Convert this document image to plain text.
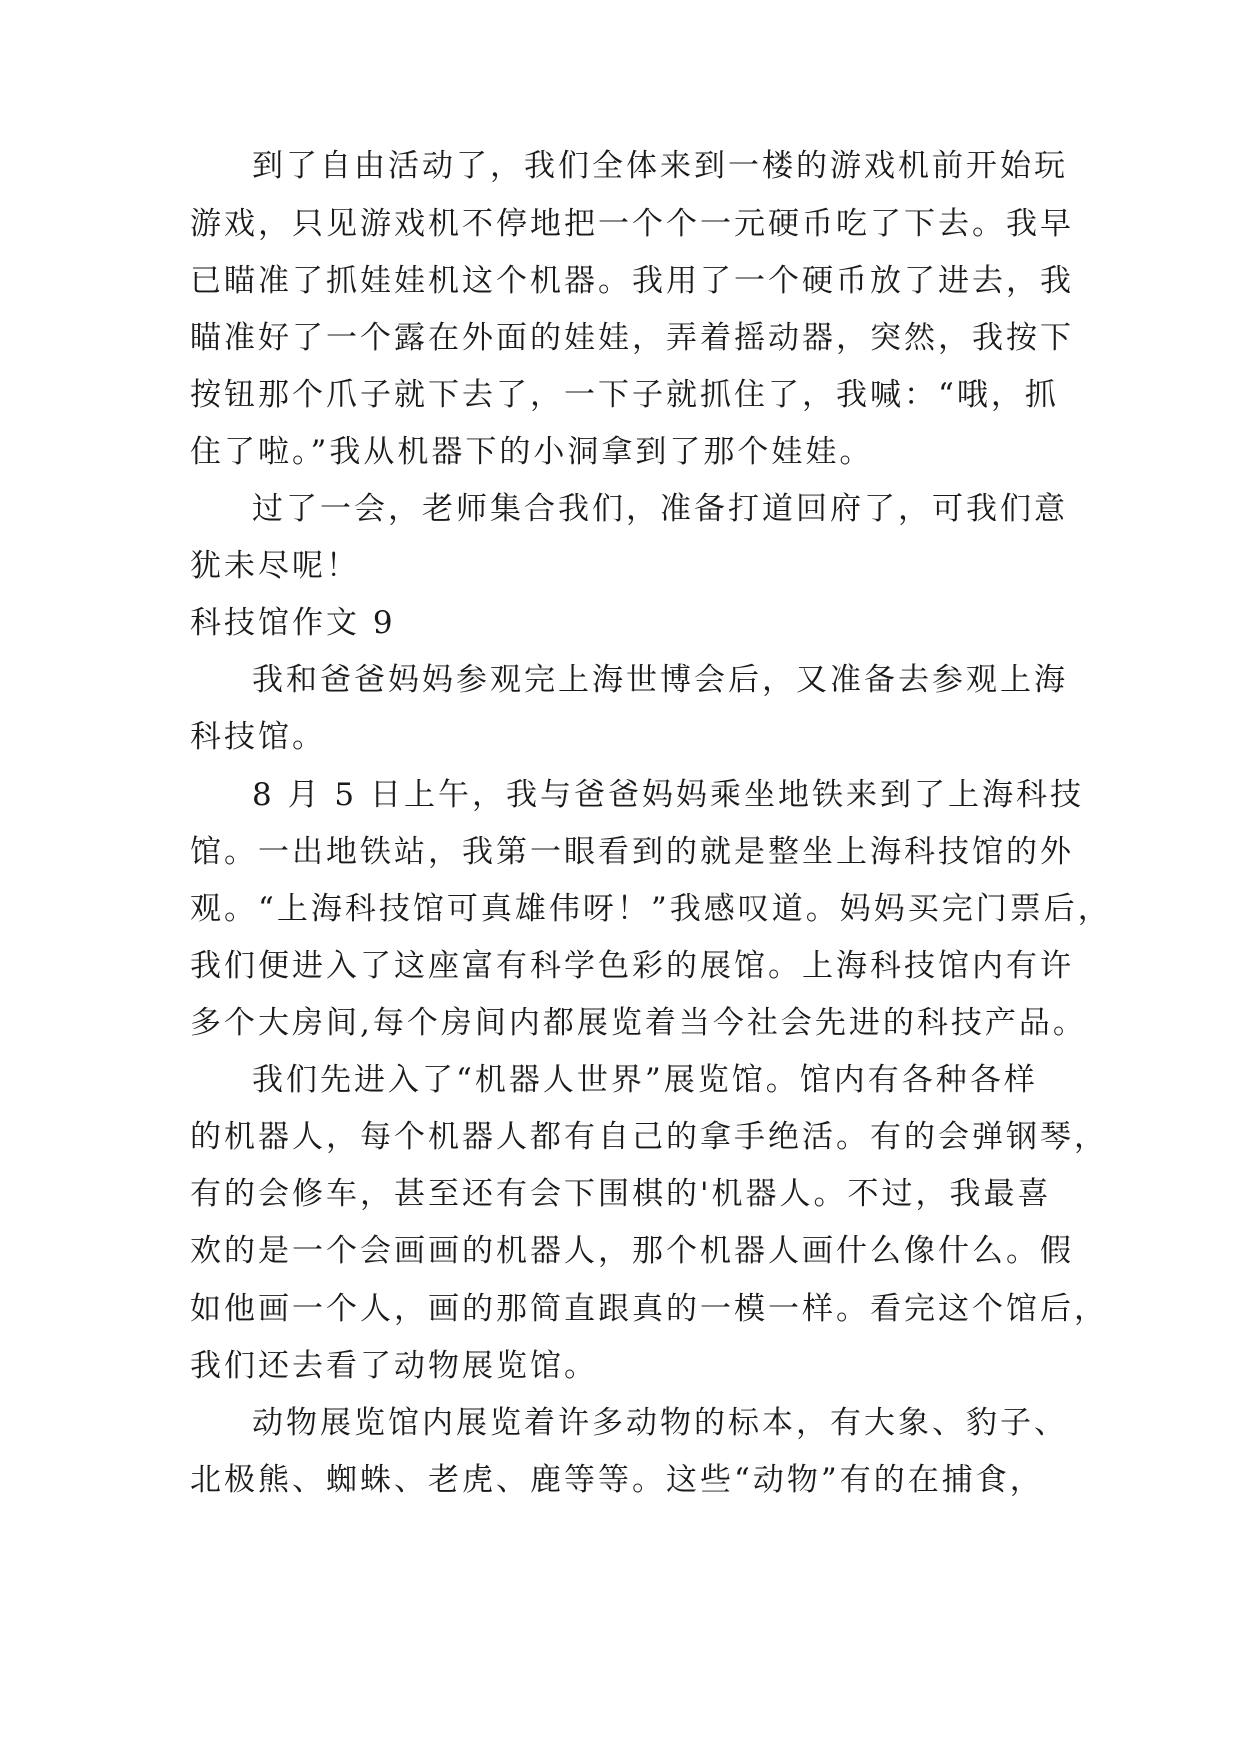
到了自由活动了，我们全体来到一楼的游戏机前开始玩
游戏，只见游戏机不停地把一个个一元硬币吃了下去。我早
已瞄准了抓娃娃机这个机器。我用了一个硬币放了进去，我
瞄准好了一个露在外面的娃娃，弄着摇动器，突然，我按下
按钮那个爪子就下去了，一下子就抓住了，我喊：“哦，抓
住了啦。”我从机器下的小洞拿到了那个娃娃。
过了一会，老师集合我们，准备打道回府了，可我们意
犹未尽呢！
科技馆作文 9
我和爸爸妈妈参观完上海世博会后，又准备去参观上海
科技馆。
8 月 5 日上午，我与爸爸妈妈乘坐地铁来到了上海科技
馆。一出地铁站，我第一眼看到的就是整坐上海科技馆的外
观。“上海科技馆可真雄伟呀！”我感叹道。妈妈买完门票后，
我们便进入了这座富有科学色彩的展馆。上海科技馆内有许
多个大房间,每个房间内都展览着当今社会先进的科技产品。
我们先进入了“机器人世界”展览馆。馆内有各种各样
的机器人，每个机器人都有自己的拿手绝活。有的会弹钢琴，
有的会修车，甚至还有会下围棋的'机器人。不过，我最喜
欢的是一个会画画的机器人，那个机器人画什么像什么。假
如他画一个人，画的那简直跟真的一模一样。看完这个馆后，
我们还去看了动物展览馆。
动物展览馆内展览着许多动物的标本，有大象、豹子、
北极熊、蜘蛛、老虎、鹿等等。这些“动物”有的在捕食，
